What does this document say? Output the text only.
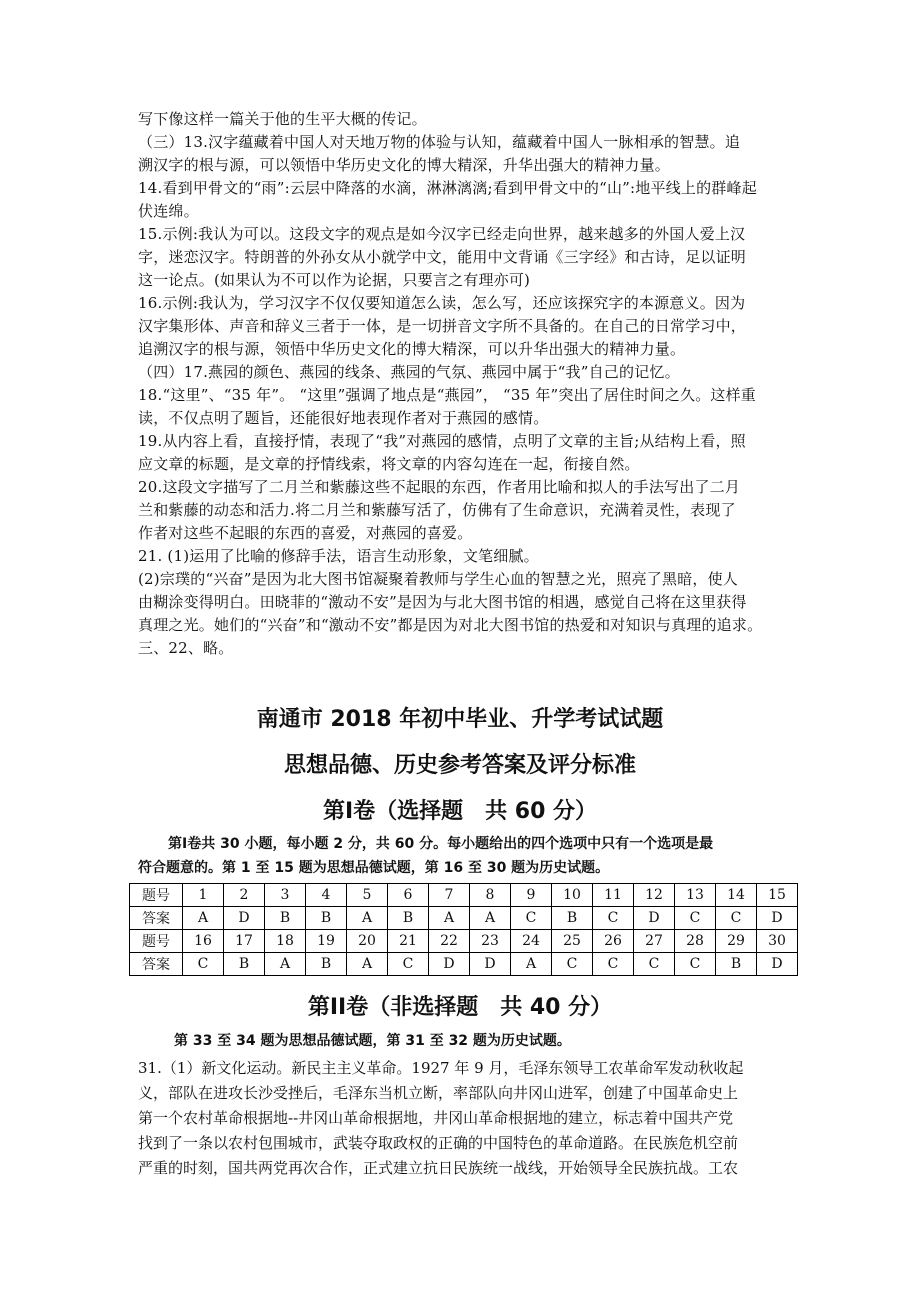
写下像这样一篇关于他的生平大概的传记。

（三）13.汉字蕴藏着中国人对天地万物的体验与认知，蕴藏着中国人一脉相承的智慧。追

溯汉字的根与源，可以领悟中华历史文化的博大精深，升华出强大的精神力量。

14.看到甲骨文的“雨”:云层中降落的水滴，淋淋漓漓;看到甲骨文中的“山”:地平线上的群峰起

伏连绵。

15.示例:我认为可以。这段文字的观点是如今汉字已经走向世界，越来越多的外国人爱上汉

字，迷恋汉字。特朗普的外孙女从小就学中文，能用中文背诵《三字经》和古诗，足以证明

这一论点。(如果认为不可以作为论据，只要言之有理亦可)

16.示例:我认为，学习汉字不仅仅要知道怎么读，怎么写，还应该探究字的本源意义。因为

汉字集形体、声音和辞义三者于一体，是一切拼音文字所不具备的。在自己的日常学习中，

追溯汉字的根与源，领悟中华历史文化的博大精深，可以升华出强大的精神力量。

（四）17.燕园的颜色、燕园的线条、燕园的气氛、燕园中属于“我”自己的记忆。

18.“这里”、“35 年”。 “这里”强调了地点是“燕园”， “35 年”突出了居住时间之久。这样重

读，不仅点明了题旨，还能很好地表现作者对于燕园的感情。

19.从内容上看，直接抒情，表现了“我”对燕园的感情，点明了文章的主旨;从结构上看，照

应文章的标题，是文章的抒情线索，将文章的内容勾连在一起，衔接自然。

20.这段文字描写了二月兰和紫藤这些不起眼的东西，作者用比喻和拟人的手法写出了二月

兰和紫藤的动态和活力.将二月兰和紫藤写活了，仿佛有了生命意识，充满着灵性，表现了

作者对这些不起眼的东西的喜爱，对燕园的喜爱。

21. (1)运用了比喻的修辞手法，语言生动形象，文笔细腻。

(2)宗璞的“兴奋”是因为北大图书馆凝聚着教师与学生心血的智慧之光，照亮了黑暗，使人

由糊涂变得明白。田晓菲的“激动不安”是因为与北大图书馆的相遇，感觉自己将在这里获得

真理之光。她们的“兴奋”和“激动不安”都是因为对北大图书馆的热爱和对知识与真理的追求。

三、22、略。

南通市 2018 年初中毕业、升学考试试题
思想品德、历史参考答案及评分标准
第I卷（选择题　共 60 分）

第I卷共 30 小题，每小题 2 分，共 60 分。每小题给出的四个选项中只有一个选项是最

符合题意的。第 1 至 15 题为思想品德试题，第 16 至 30 题为历史试题。

题号	1	2	3	4	5	6	7	8	9	10	11	12	13	14	15
答案	A	D	B	B	A	B	A	A	C	B	C	D	C	C	D
题号	16	17	18	19	20	21	22	23	24	25	26	27	28	29	30
答案	C	B	A	B	A	C	D	D	A	C	C	C	C	B	D
第II卷（非选择题　共 40 分）
第 33 至 34 题为思想品德试题，第 31 至 32 题为历史试题。

31.（1）新文化运动。新民主主义革命。1927 年 9 月，毛泽东领导工农革命军发动秋收起

义，部队在进攻长沙受挫后，毛泽东当机立断，率部队向井冈山进军，创建了中国革命史上

第一个农村革命根据地--井冈山革命根据地，井冈山革命根据地的建立，标志着中国共产党

找到了一条以农村包围城市，武装夺取政权的正确的中国特色的革命道路。在民族危机空前

严重的时刻，国共两党再次合作，正式建立抗日民族统一战线，开始领导全民族抗战。工农
